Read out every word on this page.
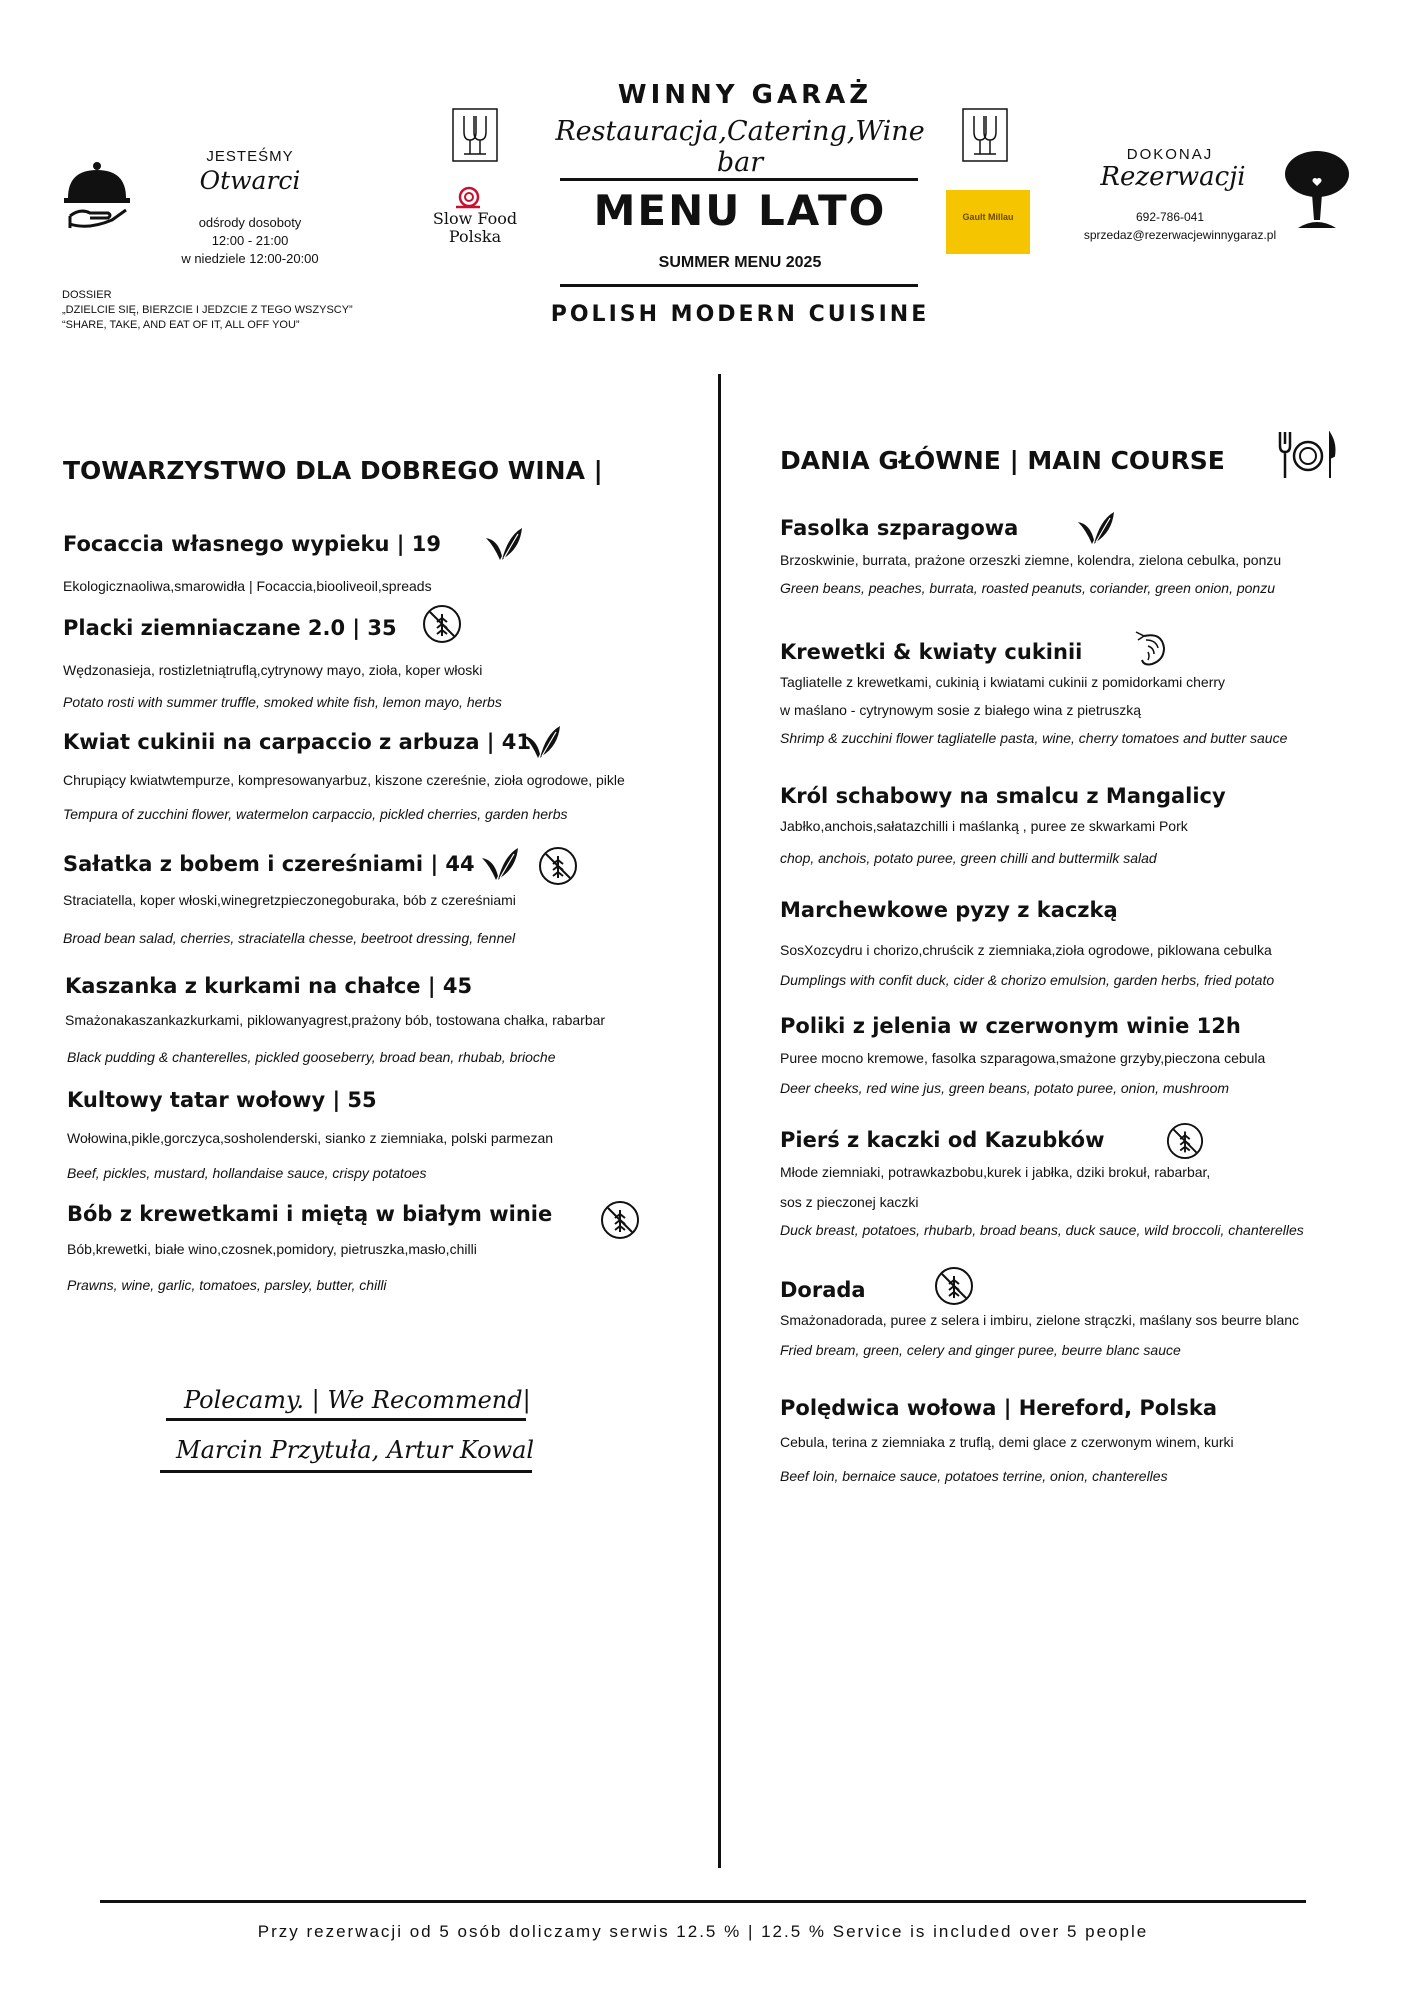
WINNY GARAŻ
Restauracja,Catering,Wine bar
MENU LATO
SUMMER MENU 2025
POLISH MODERN CUISINE
Slow Food
Polska
Gault Millau
JESTEŚMY
Otwarci
odśrody dosoboty
12:00 - 21:00
w niedziele 12:00-20:00
DOSSIER
„DZIELCIE SIĘ, BIERZCIE I JEDZCIE Z TEGO WSZYSCY”
“SHARE, TAKE, AND EAT OF IT, ALL OFF YOU”
DOKONAJ
Rezerwacji
692-786-041
sprzedaz@rezerwacjewinnygaraz.pl
TOWARZYSTWO DLA DOBREGO WINA |
Focaccia własnego wypieku | 19
Ekologicznaoliwa,smarowidła | Focaccia,biooliveoil,spreads
Placki ziemniaczane 2.0 | 35
Wędzonasieja, rostizletniątruflą,cytrynowy mayo, zioła, koper włoski
Potato rosti with summer truffle, smoked white fish, lemon mayo, herbs
Kwiat cukinii na carpaccio z arbuza | 41
Chrupiący kwiatwtempurze, kompresowanyarbuz, kiszone czereśnie, zioła ogrodowe, pikle
Tempura of zucchini flower, watermelon carpaccio, pickled cherries, garden herbs
Sałatka z bobem i czereśniami | 44
Straciatella, koper włoski,winegretzpieczonegoburaka, bób z czereśniami
Broad bean salad, cherries, straciatella chesse, beetroot dressing, fennel
Kaszanka z kurkami na chałce | 45
Smażonakaszankazkurkami, piklowanyagrest,prażony bób, tostowana chałka, rabarbar
Black pudding & chanterelles, pickled gooseberry, broad bean, rhubab, brioche
Kultowy tatar wołowy | 55
Wołowina,pikle,gorczyca,sosholenderski, sianko z ziemniaka, polski parmezan
Beef, pickles, mustard, hollandaise sauce, crispy potatoes
Bób z krewetkami i miętą w białym winie
Bób,krewetki, białe wino,czosnek,pomidory, pietruszka,masło,chilli
Prawns, wine, garlic, tomatoes, parsley, butter, chilli
Polecamy. | We Recommend|
Marcin Przytuła, Artur Kowal
DANIA GŁÓWNE | MAIN COURSE
Fasolka szparagowa
Brzoskwinie, burrata, prażone orzeszki ziemne, kolendra, zielona cebulka, ponzu
Green beans, peaches, burrata, roasted peanuts, coriander, green onion, ponzu
Krewetki & kwiaty cukinii
Tagliatelle z krewetkami, cukinią i kwiatami cukinii z pomidorkami cherry
w maślano - cytrynowym sosie z białego wina z pietruszką
Shrimp & zucchini flower tagliatelle pasta, wine, cherry tomatoes and butter sauce
Król schabowy na smalcu z Mangalicy
Jabłko,anchois,sałatazchilli i maślanką , puree ze skwarkami Pork
chop, anchois, potato puree, green chilli and buttermilk salad
Marchewkowe pyzy z kaczką
SosXozcydru i chorizo,chruścik z ziemniaka,zioła ogrodowe, piklowana cebulka
Dumplings with confit duck, cider & chorizo emulsion, garden herbs, fried potato
Poliki z jelenia w czerwonym winie 12h
Puree mocno kremowe, fasolka szparagowa,smażone grzyby,pieczona cebula
Deer cheeks, red wine jus, green beans, potato puree, onion, mushroom
Pierś z kaczki od Kazubków
Młode ziemniaki, potrawkazbobu,kurek i jabłka, dziki brokuł, rabarbar,
sos z pieczonej kaczki
Duck breast, potatoes, rhubarb, broad beans, duck sauce, wild broccoli, chanterelles
Dorada
Smażonadorada, puree z selera i imbiru, zielone strączki, maślany sos beurre blanc
Fried bream, green, celery and ginger puree, beurre blanc sauce
Polędwica wołowa | Hereford, Polska
Cebula, terina z ziemniaka z truflą, demi glace z czerwonym winem, kurki
Beef loin, bernaice sauce, potatoes terrine, onion, chanterelles
Przy rezerwacji od 5 osób doliczamy serwis 12.5 % | 12.5 % Service is included over 5 people
